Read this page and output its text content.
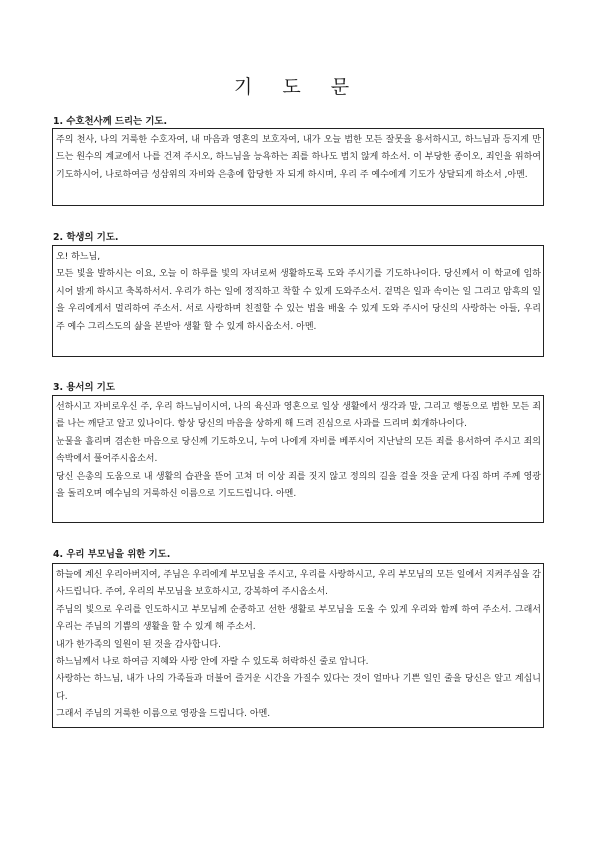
기 도 문
1. 수호천사께 드리는 기도.

주의 천사, 나의 거룩한 수호자여, 내 마음과 영혼의 보호자여, 내가 오늘 범한 모든 잘못을 용서하시고, 하느님과 등지게 만드는 원수의 계교에서 나를 건져 주시오, 하느님을 능욕하는 죄를 하나도 범치 않게 하소서. 이 부당한 종이오, 죄인을 위하여 기도하시어, 나로하여금 성삼위의 자비와 은총에 합당한 자 되게 하시며, 우리 주 예수에게 기도가 상달되게 하소서 ,아멘.

2. 학생의 기도.

오! 하느님,

모든 빛을 발하시는 이요, 오늘 이 하루를 빛의 자녀로써 생활하도록 도와 주시기를 기도하나이다. 당신께서 이 학교에 임하시어 밝게 하시고 축복하서서. 우리가 하는 일에 정직하고 착할 수 있게 도와주소서. 겉먹은 일과 속이는 일 그리고 암흑의 일을 우리에게서 멀리하여 주소서. 서로 사랑하며 친절할 수 있는 법을 배울 수 있게 도와 주시어 당신의 사랑하는 아들, 우리 주 예수 그리스도의 삶을 본받아 생활 할 수 있게 하시옵소서. 아멘.

3. 용서의 기도

선하시고 자비로우신 주, 우리 하느님이시여, 나의 육신과 영혼으로 일상 생활에서 생각과 말, 그리고 행동으로 범한 모든 죄를 나는 깨닫고 알고 있나이다. 항상 당신의 마음을 상하게 해 드려 진심으로 사과를 드리며 회개하나이다.

눈물을 흘리며 겸손한 마음으로 당신께 기도하오니, 누여 나에게 자비를 베푸시어 지난날의 모든 죄를 용서하여 주시고 죄의 속박에서 풀어주시옵소서.

당신 은총의 도움으로 내 생활의 습관을 뜯어 고쳐 더 이상 죄를 짓지 않고 정의의 길을 걸을 것을 굳게 다짐 하며 주께 영광을 돌리오며 예수님의 거룩하신 이름으로 기도드립니다. 아멘.

4. 우리 부모님을 위한 기도.

하늘에 계신 우리아버지여, 주님은 우리에게 부모님을 주시고, 우리를 사랑하시고, 우리 부모님의 모든 일에서 지켜주심을 감사드립니다. 주여, 우리의 부모님을 보호하시고, 강복하여 주시옵소서.

주님의 빛으로 우리를 인도하시고 부모님께 순종하고 선한 생활로 부모님을 도울 수 있게 우리와 함께 하여 주소서. 그래서 우리는 주님의 기쁨의 생활을 할 수 있게 해 주소서.

내가 한가족의 일원이 된 것을 감사합니다.

하느님께서 나로 하여금 지혜와 사랑 안에 자랄 수 있도록 허락하신 줄로 압니다.

사랑하는 하느님, 내가 나의 가족들과 더불어 즐거운 시간을 가질수 있다는 것이 얼마나 기쁜 일인 줄을 당신은 알고 계십니다.

그래서 주님의 거룩한 이름으로 영광을 드립니다. 아멘.
